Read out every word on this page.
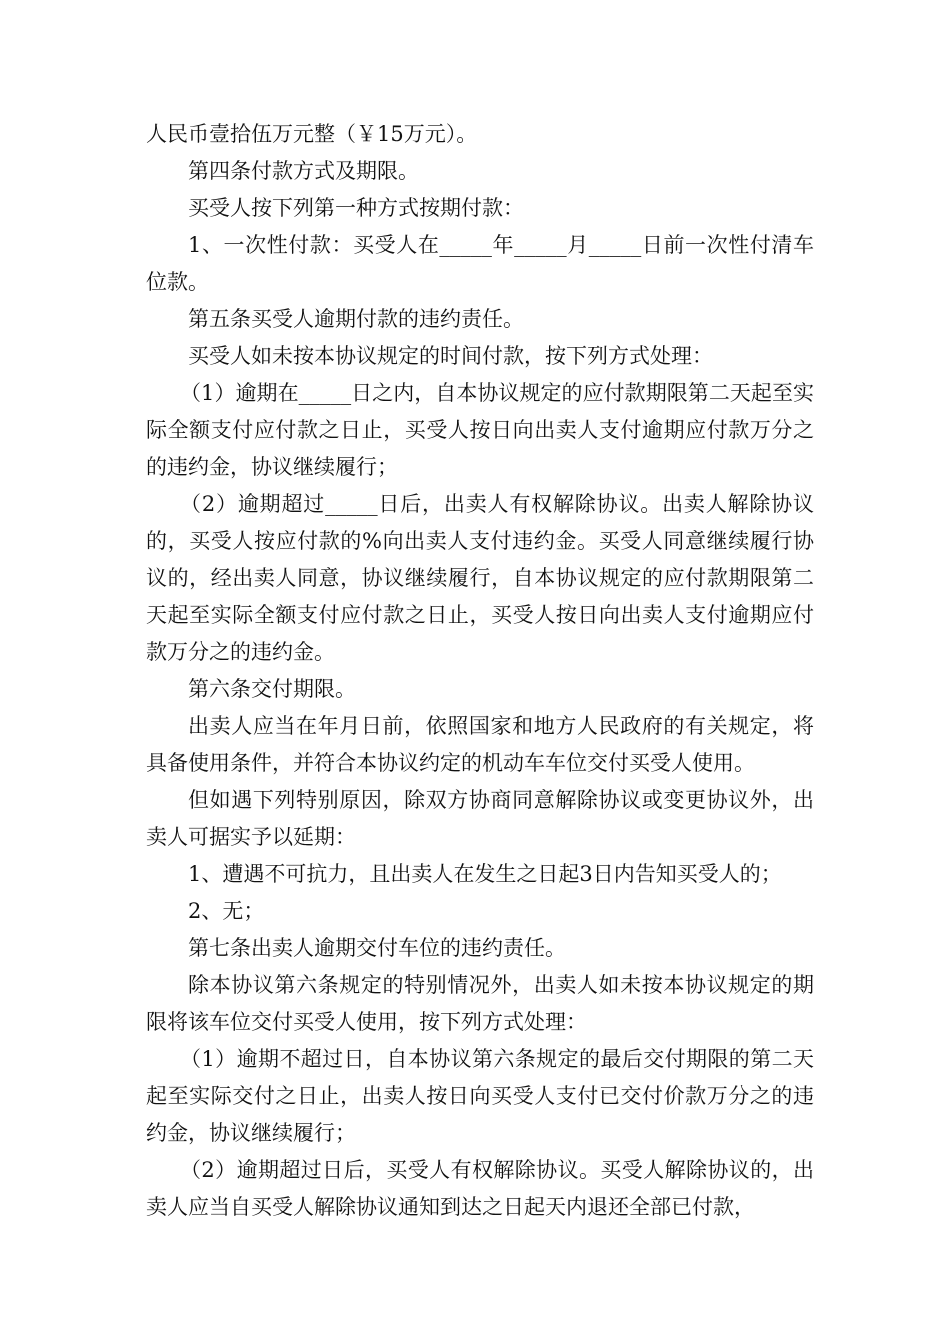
人民币壹拾伍万元整（￥15万元）。

第四条付款方式及期限。

买受人按下列第一种方式按期付款：

1、一次性付款：买受人在_____年_____月_____日前一次性付清车位款。

第五条买受人逾期付款的违约责任。

买受人如未按本协议规定的时间付款，按下列方式处理：

（1）逾期在_____日之内，自本协议规定的应付款期限第二天起至实际全额支付应付款之日止，买受人按日向出卖人支付逾期应付款万分之的违约金，协议继续履行；

（2）逾期超过_____日后，出卖人有权解除协议。出卖人解除协议的，买受人按应付款的%向出卖人支付违约金。买受人同意继续履行协议的，经出卖人同意，协议继续履行，自本协议规定的应付款期限第二天起至实际全额支付应付款之日止，买受人按日向出卖人支付逾期应付款万分之的违约金。

第六条交付期限。

出卖人应当在年月日前，依照国家和地方人民政府的有关规定，将具备使用条件，并符合本协议约定的机动车车位交付买受人使用。

但如遇下列特别原因，除双方协商同意解除协议或变更协议外，出卖人可据实予以延期：

1、遭遇不可抗力，且出卖人在发生之日起3日内告知买受人的；

2、无；

第七条出卖人逾期交付车位的违约责任。

除本协议第六条规定的特别情况外，出卖人如未按本协议规定的期限将该车位交付买受人使用，按下列方式处理：

（1）逾期不超过日，自本协议第六条规定的最后交付期限的第二天起至实际交付之日止，出卖人按日向买受人支付已交付价款万分之的违约金，协议继续履行；

（2）逾期超过日后，买受人有权解除协议。买受人解除协议的，出卖人应当自买受人解除协议通知到达之日起天内退还全部已付款，
